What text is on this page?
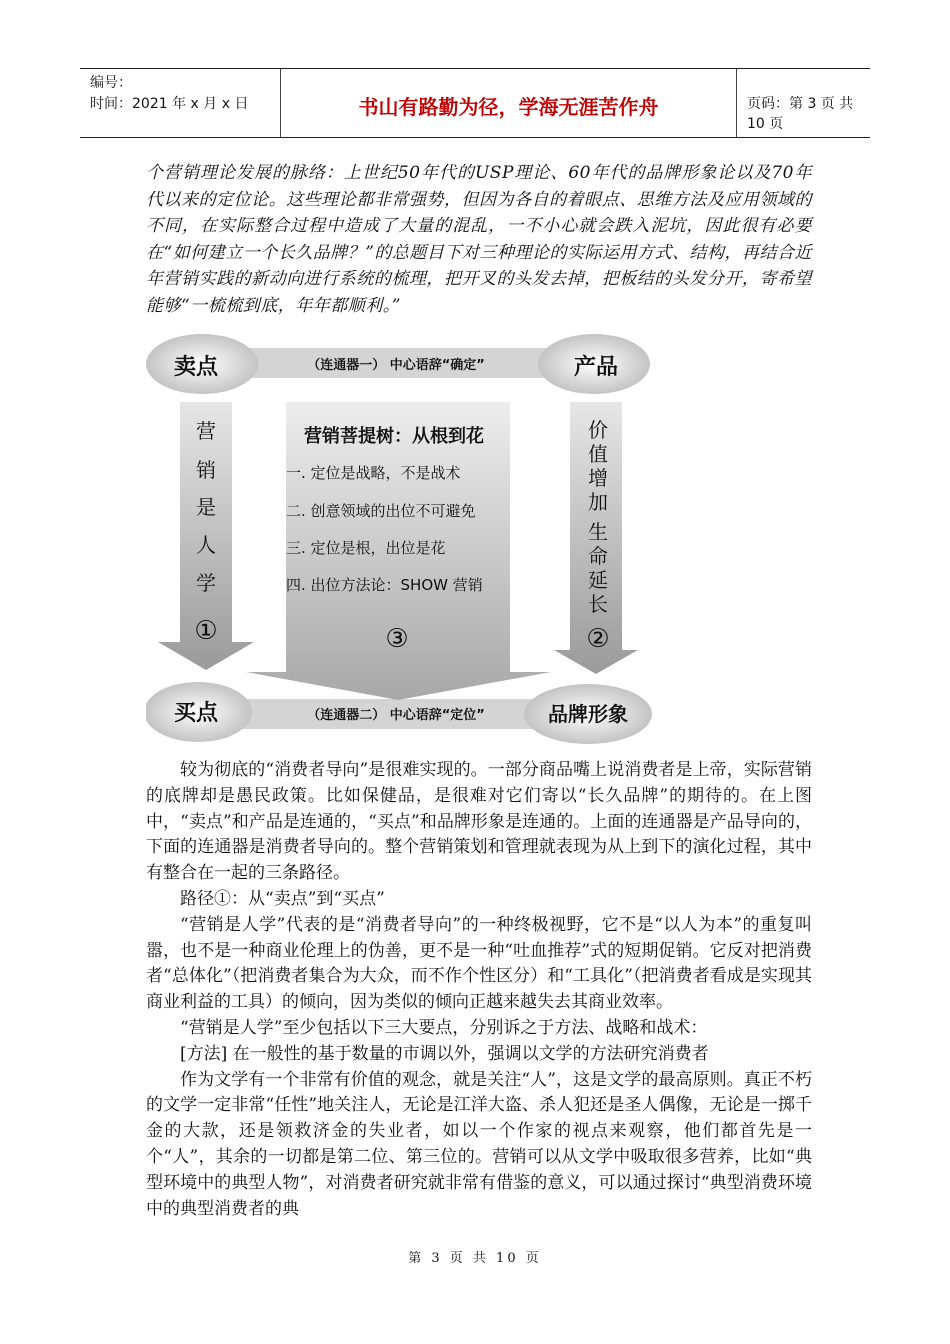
编号：
时间：2021 年 x 月 x 日	书山有路勤为径，学海无涯苦作舟	页码：第 3 页 共 10 页
个营销理论发展的脉络：上世纪50年代的USP理论、60年代的品牌形象论以及70年代以来的定位论。这些理论都非常强势，但因为各自的着眼点、思维方法及应用领域的不同，在实际整合过程中造成了大量的混乱，一不小心就会跌入泥坑，因此很有必要在“如何建立一个长久品牌？”的总题目下对三种理论的实际运用方式、结构，再结合近年营销实践的新动向进行系统的梳理，把开叉的头发去掉，把板结的头发分开，寄希望能够“一梳梳到底，年年都顺利。”
卖点	产品
（连通器一） 中心语辞“确定”
买点	品牌形象
（连通器二） 中心语辞“定位”
营
销
是
人
学
①
价
值
增
加
生
命
延
长
②
营销菩提树：从根到花
一. 定位是战略，不是战术
二. 创意领域的出位不可避免
三. 定位是根，出位是花
四. 出位方法论：SHOW 营销
③

较为彻底的“消费者导向”是很难实现的。一部分商品嘴上说消费者是上帝，实际营销的底牌却是愚民政策。比如保健品，是很难对它们寄以“长久品牌”的期待的。在上图中，“卖点”和产品是连通的，“买点”和品牌形象是连通的。上面的连通器是产品导向的，下面的连通器是消费者导向的。整个营销策划和管理就表现为从上到下的演化过程，其中有整合在一起的三条路径。

路径①：从“卖点”到“买点”

“营销是人学”代表的是“消费者导向”的一种终极视野，它不是“以人为本”的重复叫嚣，也不是一种商业伦理上的伪善，更不是一种“吐血推荐”式的短期促销。它反对把消费者“总体化”（把消费者集合为大众，而不作个性区分）和“工具化”（把消费者看成是实现其商业利益的工具）的倾向，因为类似的倾向正越来越失去其商业效率。

“营销是人学”至少包括以下三大要点，分别诉之于方法、战略和战术：

[方法] 在一般性的基于数量的市调以外，强调以文学的方法研究消费者

作为文学有一个非常有价值的观念，就是关注“人”，这是文学的最高原则。真正不朽的文学一定非常“任性”地关注人，无论是江洋大盗、杀人犯还是圣人偶像，无论是一掷千金的大款，还是领救济金的失业者，如以一个作家的视点来观察，他们都首先是一个“人”，其余的一切都是第二位、第三位的。营销可以从文学中吸取很多营养，比如“典型环境中的典型人物”，对消费者研究就非常有借鉴的意义，可以通过探讨“典型消费环境中的典型消费者的典

第 3 页 共 10 页
